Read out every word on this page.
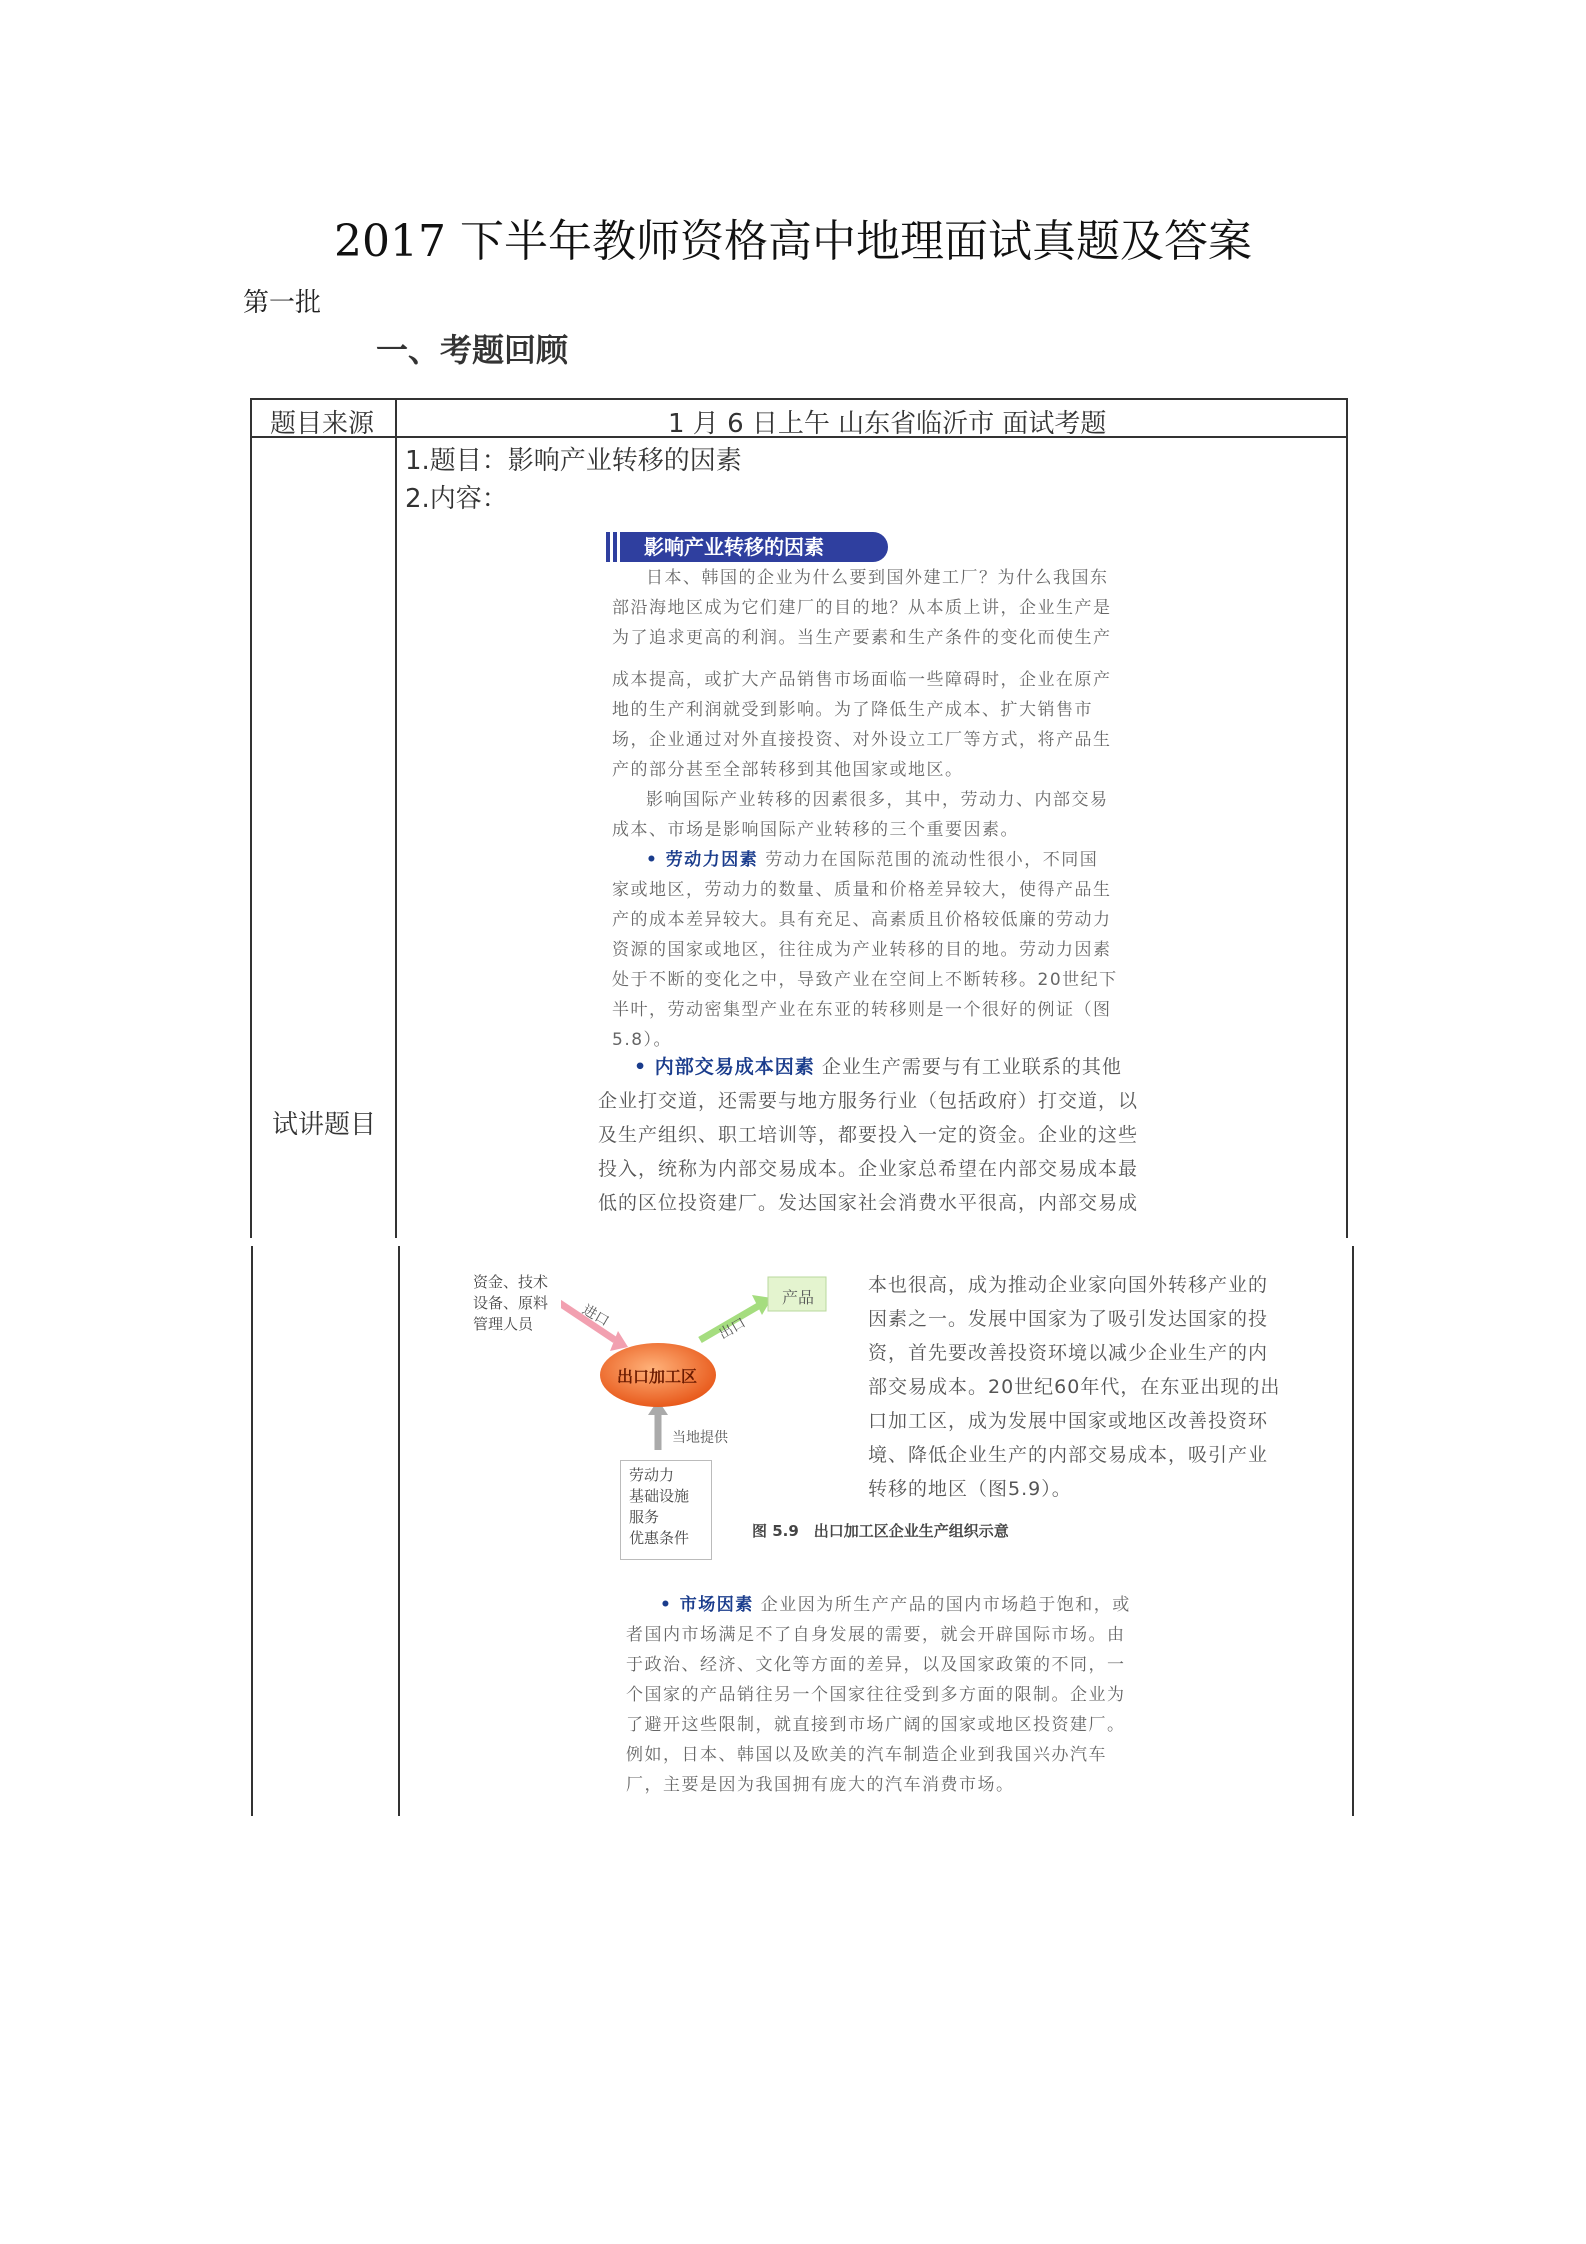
2017 下半年教师资格高中地理面试真题及答案
第一批
一、考题回顾
题目来源	1 月 6 日上午 山东省临沂市 面试考题
试讲题目
1.题目：影响产业转移的因素
2.内容：
影响产业转移的因素
日本、韩国的企业为什么要到国外建工厂？为什么我国东
部沿海地区成为它们建厂的目的地？从本质上讲，企业生产是
为了追求更高的利润。当生产要素和生产条件的变化而使生产
成本提高，或扩大产品销售市场面临一些障碍时，企业在原产
地的生产利润就受到影响。为了降低生产成本、扩大销售市
场，企业通过对外直接投资、对外设立工厂等方式，将产品生
产的部分甚至全部转移到其他国家或地区。
影响国际产业转移的因素很多，其中，劳动力、内部交易
成本、市场是影响国际产业转移的三个重要因素。
• 劳动力因素 劳动力在国际范围的流动性很小，不同国
家或地区，劳动力的数量、质量和价格差异较大，使得产品生
产的成本差异较大。具有充足、高素质且价格较低廉的劳动力
资源的国家或地区，往往成为产业转移的目的地。劳动力因素
处于不断的变化之中，导致产业在空间上不断转移。20世纪下
半叶，劳动密集型产业在东亚的转移则是一个很好的例证（图
5.8）。
• 内部交易成本因素 企业生产需要与有工业联系的其他
企业打交道，还需要与地方服务行业（包括政府）打交道，以
及生产组织、职工培训等，都要投入一定的资金。企业的这些
投入，统称为内部交易成本。企业家总希望在内部交易成本最
低的区位投资建厂。发达国家社会消费水平很高，内部交易成
资金、技术
设备、原料
管理人员	进口
出口加工区
出口
产品
当地提供
劳动力
基础设施
服务
优惠条件	图 5.9　出口加工区企业生产组织示意
本也很高，成为推动企业家向国外转移产业的
因素之一。发展中国家为了吸引发达国家的投
资，首先要改善投资环境以减少企业生产的内
部交易成本。20世纪60年代，在东亚出现的出
口加工区，成为发展中国家或地区改善投资环
境、降低企业生产的内部交易成本，吸引产业
转移的地区（图5.9）。
• 市场因素 企业因为所生产产品的国内市场趋于饱和，或
者国内市场满足不了自身发展的需要，就会开辟国际市场。由
于政治、经济、文化等方面的差异，以及国家政策的不同，一
个国家的产品销往另一个国家往往受到多方面的限制。企业为
了避开这些限制，就直接到市场广阔的国家或地区投资建厂。
例如，日本、韩国以及欧美的汽车制造企业到我国兴办汽车
厂，主要是因为我国拥有庞大的汽车消费市场。
